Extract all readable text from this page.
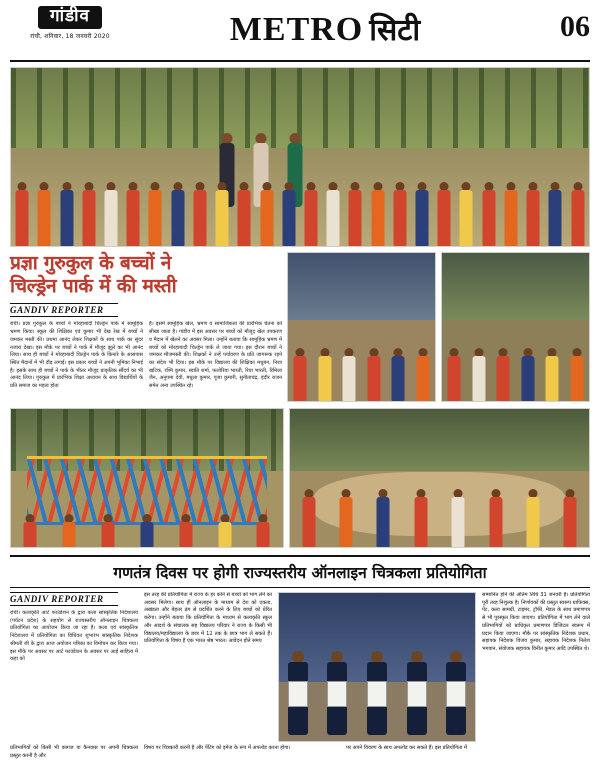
गांडीव
रांची, शनिवार, 18 जनवरी 2020	METRO सिटी	06
प्रज्ञा गुरुकुल के बच्चों ने
चिल्ड्रेन पार्क में की मस्ती
GANDIV REPORTER
रांची। प्रज्ञा गुरुकुल के बच्चों ने मोरहाबादी चिल्ड्रेन पार्क में सामूहिक भ्रमण किया। स्कूल की शिक्षिका एवं कुमार भी देख रेख में बच्चों ने जमकर मस्ती की। प्रथमा आनंद लेकर शिक्षकों के साथ पार्क का सुंदर नजारा देखा। इस मौके पर बच्चों ने पार्क में मौजूद झूले का भी आनंद लिया। साथ ही बच्चों ने मोरहाबादी चिल्ड्रेन पार्क के किनारे के आसपास स्थित मैदानों में भी दौड़ लगाई। इस प्रकार बच्चों ने अपनी भूमिका निभाई है। इसके साथ ही बच्चों ने पार्क के भीतर मौजूद प्राकृतिक सौंदर्य का भी आनंद लिया। गुरुकुल में प्रारंभिक शिक्षा अध्ययन के साथ विद्यार्थियों के प्रति समाज का महत्व होता
है। इसमें सामूहिक खेल, भ्रमण व सामाजिकता की प्रारंभिक चेतना को सीखा जाता है। गांडीव में इस अवसर पर बच्चों को मौजूद खेल उपकरण व मैदान में खेलने का अवसर मिला। उन्होंने बताया कि सामूहिक भ्रमण में बच्चों को मोरहाबादी चिल्ड्रेन पार्क ले जाया गया। इस दौरान बच्चों ने जमकर मौजमस्ती की। शिक्षकों ने उन्हें पर्यावरण के प्रति जागरूक रहने का संदेश भी दिया। इस मौके पर विद्यालय की शिक्षिका मधुबन, निशा खटिक, रश्मि कुमार, स्वाति शर्मा, फलोरिया भारती, रिया भारती, रिमिला जैन, अनुपमा देवी, मधुला कुमार, पूजा कुमारी, सुनीताचंद्र, इंदीर राजन समेत अन्य उपस्थित रहे।
गणतंत्र दिवस पर होगी राज्यस्तरीय ऑनलाइन चित्रकला प्रतियोगिता
GANDIV REPORTER
रांची। कलाकृति आर्ट फाउंडेशन के द्वारा कला सांस्कृतिक निदेशालय (पर्यटन प्रदेश) के सहयोग से राज्यस्तरीय ऑनलाइन चित्रकला प्रतियोगिता का आयोजन किया जा रहा है। कला एवं सांस्कृतिक निदेशालय में प्रतियोगिता का विधिवत शुभारंभ सांस्कृतिक निदेशक श्रीमती जी के द्वारा आज अयोजन पत्रिका का विमोचन कर किया गया। इस मौके पर अवसर पर आर्ट फाउंडेशन के अवसर पर आई साहित्य में कहा को
इस तरह की प्रतियोगिता में राज्य के हर कोने से बच्चों को भाग लेने का अवसर मिलेगा। साथ ही ऑनलाइन के माध्यम से देश को एकता, अखंडता और बेहतर ढंग से प्रदर्शित करने के लिए बच्चों को प्रेरित करेगा। उन्होंने बताया कि प्रतियोगिता के माध्यम से कलाकृति स्कूल और आदर्श के संचालक सह विद्यालय परिवार ने राज्य के किसी भी विद्यालय/महाविद्यालय के छात्र में 12 तक के छात्र भाग ले सकते हैं। प्रतियोगिता के विषय है एक भारत श्रेष्ठ भारत। आवेदन होते समय
सम्मानित होने की अंतिम तिथि 31 जनवरी है। प्रतियोगिता पूरी तरह निशुल्क है। निर्णायकों की प्रस्तुत स्वरूप ग्राफिक्स, पेंट, कला सामग्री, टाइमर, ट्रॉफी, मेडल के साथ प्रमाणपत्र से भी पुरस्कृत किया जाएगा। प्रतियोगिता में भाग लेने वाले प्रतिभागियों को प्राधिकृत प्रमाणपत्र डिजिटल स्वरूप में प्रदान किया जाएगा। मौके पर सांस्कृतिक निदेशक प्रधान, सहायक निदेशक विजय कुमार, सहायक निदेशक निलेश भगवान, संयोजक सहायक विनीत कुमार आदि उपस्थित थे।
प्रतिभागियों को किसी भी कागज या कैनवास पर अपनी चित्रकला प्रस्तुत करनी है और
विषय पर चित्रकारी करनी है और पेंटिंग को इमेज के रूप में अपलोड करना होगा।	पर अपने विवरण के साथ अपलोड कर सकते हैं। इस प्रतियोगिता में
